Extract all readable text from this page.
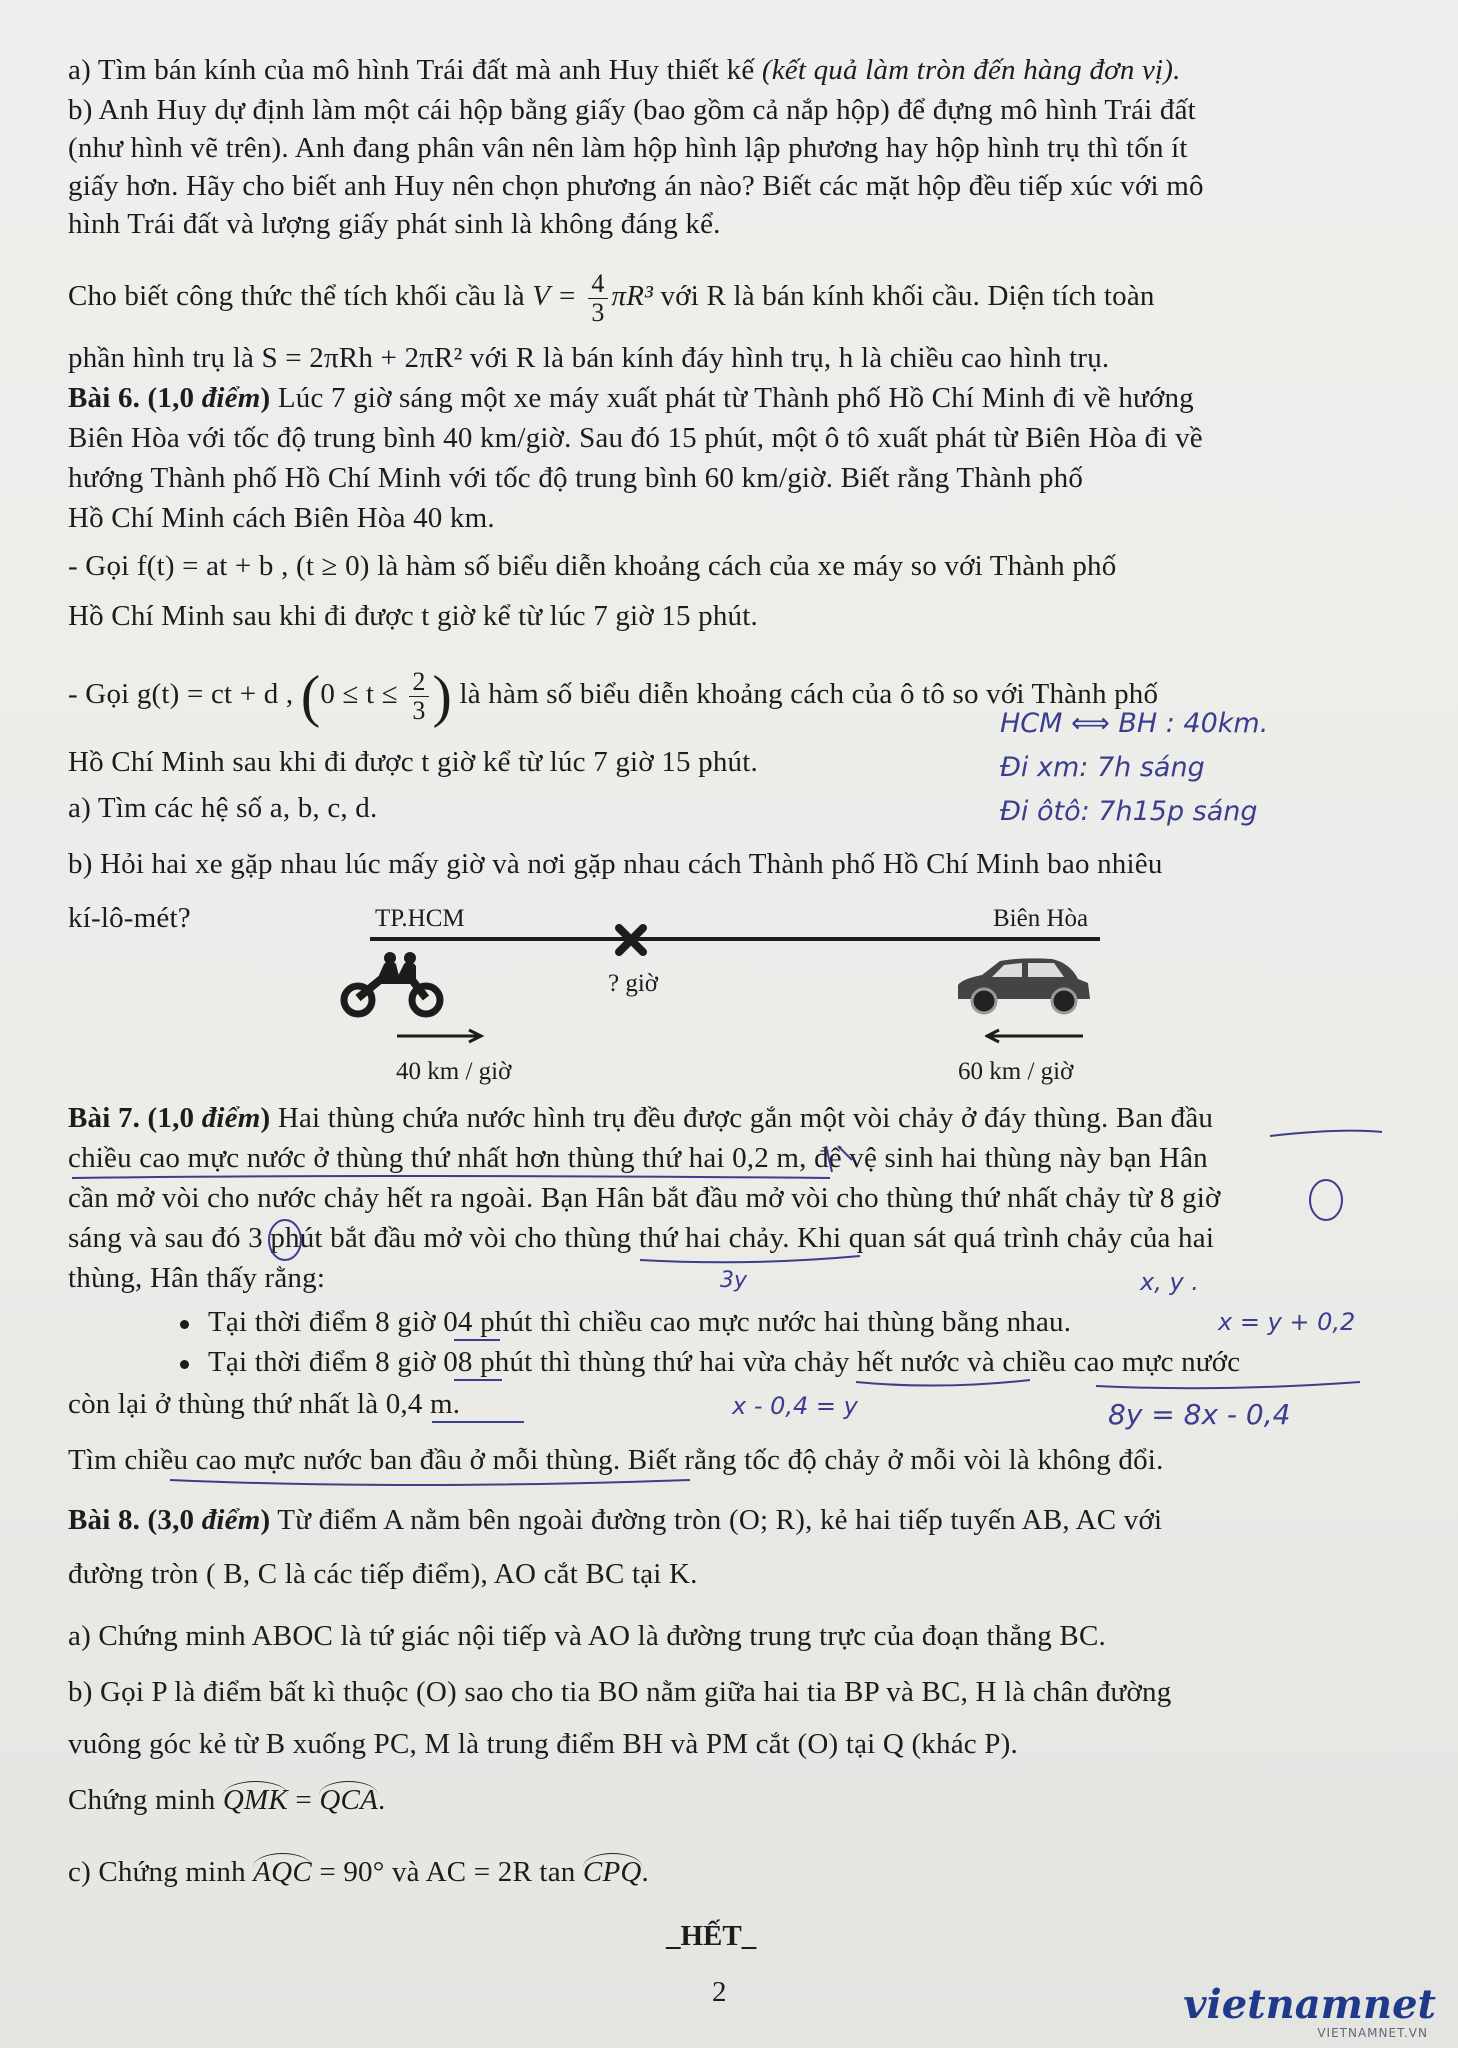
a) Tìm bán kính của mô hình Trái đất mà anh Huy thiết kế (kết quả làm tròn đến hàng đơn vị).
b) Anh Huy dự định làm một cái hộp bằng giấy (bao gồm cả nắp hộp) để đựng mô hình Trái đất
(như hình vẽ trên). Anh đang phân vân nên làm hộp hình lập phương hay hộp hình trụ thì tốn ít
giấy hơn. Hãy cho biết anh Huy nên chọn phương án nào? Biết các mặt hộp đều tiếp xúc với mô
hình Trái đất và lượng giấy phát sinh là không đáng kể.
Cho biết công thức thể tích khối cầu là $V = \frac{4}{3} \pi R^3$ với R là bán kính khối cầu. Diện tích toàn
phần hình trụ là S = 2πRh + 2πR² với R là bán kính đáy hình trụ, h là chiều cao hình trụ.
Bài 6. (1,0 điểm) Lúc 7 giờ sáng một xe máy xuất phát từ Thành phố Hồ Chí Minh đi về hướng
Biên Hòa với tốc độ trung bình 40 km/giờ. Sau đó 15 phút, một ô tô xuất phát từ Biên Hòa đi về
hướng Thành phố Hồ Chí Minh với tốc độ trung bình 60 km/giờ. Biết rằng Thành phố
Hồ Chí Minh cách Biên Hòa 40 km.
- Gọi f(t) = at + b , (t ≥ 0) là hàm số biểu diễn khoảng cách của xe máy so với Thành phố
Hồ Chí Minh sau khi đi được t giờ kể từ lúc 7 giờ 15 phút.
- Gọi g(t) = ct + d , ($0 \le t \le \frac{2}{3}$ ) là hàm số biểu diễn khoảng cách của ô tô so với Thành phố
Hồ Chí Minh sau khi đi được t giờ kể từ lúc 7 giờ 15 phút.
a) Tìm các hệ số a, b, c, d.
b) Hỏi hai xe gặp nhau lúc mấy giờ và nơi gặp nhau cách Thành phố Hồ Chí Minh bao nhiêu
kí-lô-mét?
HCM ⟺ BH : 40km.
Đi xm: 7h sáng
Đi ôtô: 7h15p sáng
TP.HCM	Biên Hòa
? giờ
40 km / giờ	60 km / giờ
Bài 7. (1,0 điểm) Hai thùng chứa nước hình trụ đều được gắn một vòi chảy ở đáy thùng. Ban đầu
chiều cao mực nước ở thùng thứ nhất hơn thùng thứ hai 0,2 m, để vệ sinh hai thùng này bạn Hân
cần mở vòi cho nước chảy hết ra ngoài. Bạn Hân bắt đầu mở vòi cho thùng thứ nhất chảy từ 8 giờ
sáng và sau đó 3 phút bắt đầu mở vòi cho thùng thứ hai chảy. Khi quan sát quá trình chảy của hai
thùng, Hân thấy rằng:
Tại thời điểm 8 giờ 04 phút thì chiều cao mực nước hai thùng bằng nhau.
Tại thời điểm 8 giờ 08 phút thì thùng thứ hai vừa chảy hết nước và chiều cao mực nước
còn lại ở thùng thứ nhất là 0,4 m.
Tìm chiều cao mực nước ban đầu ở mỗi thùng. Biết rằng tốc độ chảy ở mỗi vòi là không đổi.
3y	x, y .
x = y + 0,2
x - 0,4 = y	8y = 8x - 0,4
Bài 8. (3,0 điểm) Từ điểm A nằm bên ngoài đường tròn (O; R), kẻ hai tiếp tuyến AB, AC với
đường tròn ( B, C là các tiếp điểm), AO cắt BC tại K.
a) Chứng minh ABOC là tứ giác nội tiếp và AO là đường trung trực của đoạn thẳng BC.
b) Gọi P là điểm bất kì thuộc (O) sao cho tia BO nằm giữa hai tia BP và BC, H là chân đường
vuông góc kẻ từ B xuống PC, M là trung điểm BH và PM cắt (O) tại Q (khác P).
Chứng minh QMK = QCA.
c) Chứng minh AQC = 90° và AC = 2R tan CPQ.
_HẾT_
2	vietnamnet
VIETNAMNET.VN
